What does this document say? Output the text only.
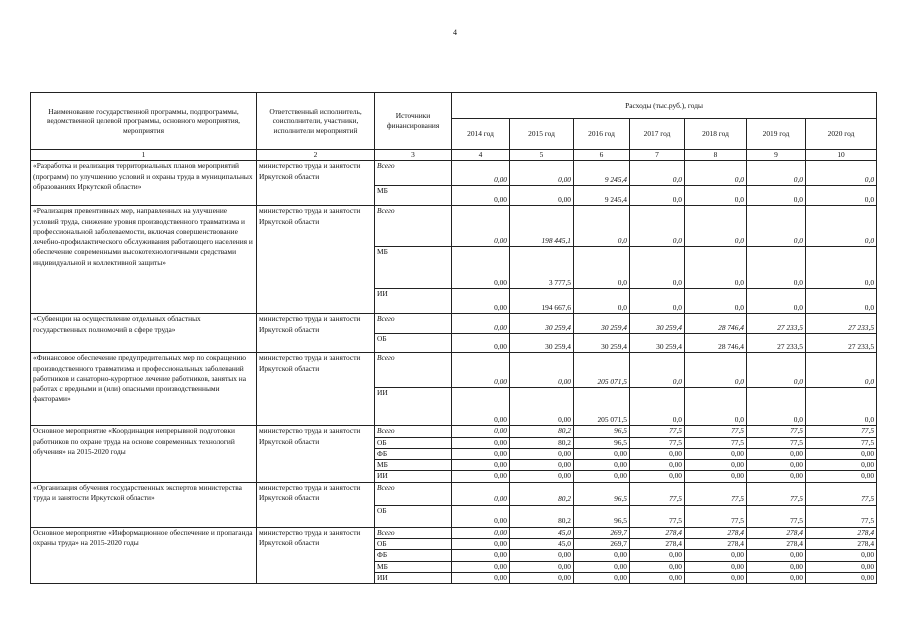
4
Наименование государственной программы, подпрограммы, ведомственной целевой программы, основного мероприятия, мероприятия	Ответственный исполнитель, соисполнители, участники, исполнители мероприятий	Источники финансирования	Расходы (тыс.руб.), годы						
			2014 год	2015 год	2016 год	2017 год	2018 год	2019 год	2020 год
1	2	3	4	5	6	7	8	9	10
«Разработка и реализация территориальных планов мероприятий (программ) по улучшению условий и охраны труда в муниципальных образованиях Иркутской области»	министерство труда и занятости Иркутской области	Всего	0,00	0,00	9 245,4	0,0	0,0	0,0	0,0
		МБ	0,00	0,00	9 245,4	0,0	0,0	0,0	0,0
«Реализация превентивных мер, направленных на улучшение условий труда, снижение уровня производственного травматизма и профессиональной заболеваемости, включая совершенствование лечебно-профилактического обслуживания работающего населения и обеспечение современными высокотехнологичными средствами индивидуальной и коллективной защиты»	министерство труда и занятости Иркутской области	Всего	0,00	198 445,1	0,0	0,0	0,0	0,0	0,0
		МБ	0,00	3 777,5	0,0	0,0	0,0	0,0	0,0
		ИИ	0,00	194 667,6	0,0	0,0	0,0	0,0	0,0
«Субвенции на осуществление отдельных областных государственных полномочий в сфере труда»	министерство труда и занятости Иркутской области	Всего	0,00	30 259,4	30 259,4	30 259,4	28 746,4	27 233,5	27 233,5
		ОБ	0,00	30 259,4	30 259,4	30 259,4	28 746,4	27 233,5	27 233,5
«Финансовое обеспечение предупредительных мер по сокращению производственного травматизма и профессиональных заболеваний работников и санаторно-курортное лечение работников, занятых на работах с вредными и (или) опасными производственными факторами»	министерство труда и занятости Иркутской области	Всего	0,00	0,00	205 071,5	0,0	0,0	0,0	0,0
		ИИ	0,00	0,00	205 071,5	0,0	0,0	0,0	0,0
Основное мероприятие «Координация непрерывной подготовки работников по охране труда на основе современных технологий обучения» на 2015-2020 годы	министерство труда и занятости Иркутской области	Всего	0,00	80,2	96,5	77,5	77,5	77,5	77,5
		ОБ	0,00	80,2	96,5	77,5	77,5	77,5	77,5
		ФБ	0,00	0,00	0,00	0,00	0,00	0,00	0,00
		МБ	0,00	0,00	0,00	0,00	0,00	0,00	0,00
		ИИ	0,00	0,00	0,00	0,00	0,00	0,00	0,00
«Организация обучения государственных экспертов министерства труда и занятости Иркутской области»	министерство труда и занятости Иркутской области	Всего	0,00	80,2	96,5	77,5	77,5	77,5	77,5
		ОБ	0,00	80,2	96,5	77,5	77,5	77,5	77,5
Основное мероприятие «Информационное обеспечение и пропаганда охраны труда» на 2015-2020 годы	министерство труда и занятости Иркутской области	Всего	0,00	45,0	269,7	278,4	278,4	278,4	278,4
		ОБ	0,00	45,0	269,7	278,4	278,4	278,4	278,4
		ФБ	0,00	0,00	0,00	0,00	0,00	0,00	0,00
		МБ	0,00	0,00	0,00	0,00	0,00	0,00	0,00
		ИИ	0,00	0,00	0,00	0,00	0,00	0,00	0,00
